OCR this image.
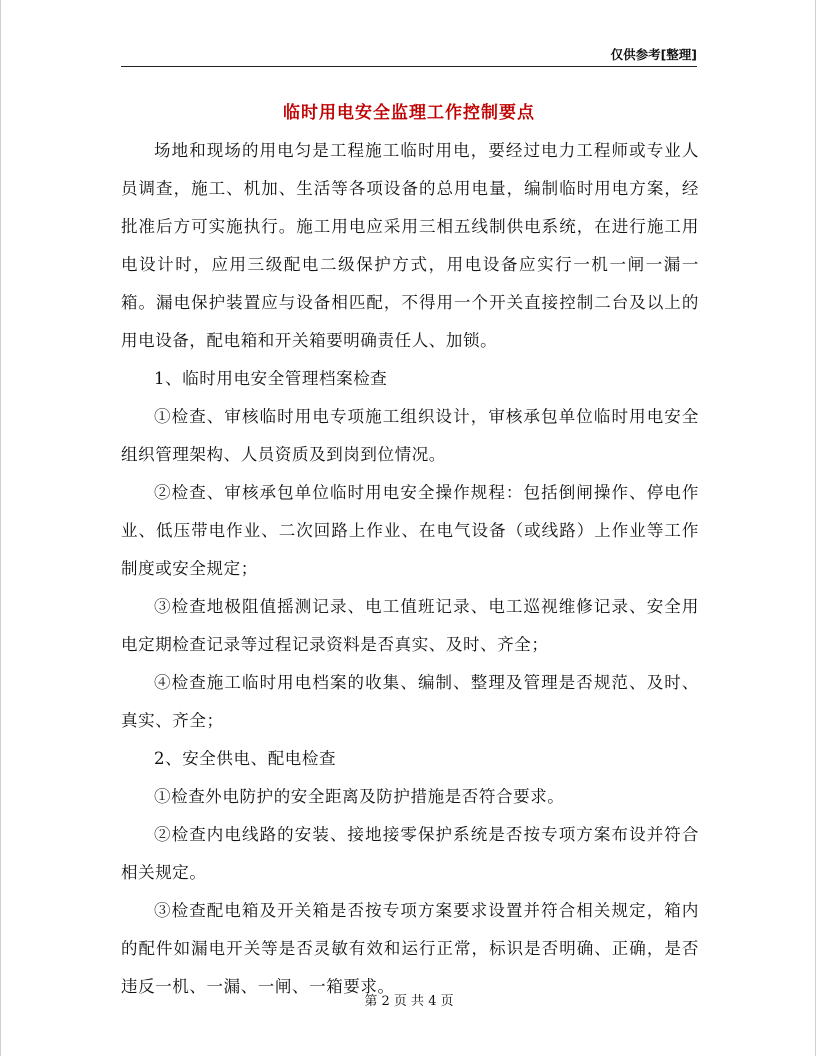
仅供参考[整理]
临时用电安全监理工作控制要点

场地和现场的用电匀是工程施工临时用电，要经过电力工程师或专业人员调查，施工、机加、生活等各项设备的总用电量，编制临时用电方案，经批准后方可实施执行。施工用电应采用三相五线制供电系统，在进行施工用电设计时，应用三级配电二级保护方式，用电设备应实行一机一闸一漏一箱。漏电保护装置应与设备相匹配，不得用一个开关直接控制二台及以上的用电设备，配电箱和开关箱要明确责任人、加锁。

1、临时用电安全管理档案检查

①检查、审核临时用电专项施工组织设计，审核承包单位临时用电安全组织管理架构、人员资质及到岗到位情况。

②检查、审核承包单位临时用电安全操作规程：包括倒闸操作、停电作业、低压带电作业、二次回路上作业、在电气设备（或线路）上作业等工作制度或安全规定；

③检查地极阻值摇测记录、电工值班记录、电工巡视维修记录、安全用电定期检查记录等过程记录资料是否真实、及时、齐全；

④检查施工临时用电档案的收集、编制、整理及管理是否规范、及时、真实、齐全；

2、安全供电、配电检查

①检查外电防护的安全距离及防护措施是否符合要求。

②检查内电线路的安装、接地接零保护系统是否按专项方案布设并符合相关规定。

③检查配电箱及开关箱是否按专项方案要求设置并符合相关规定，箱内的配件如漏电开关等是否灵敏有效和运行正常，标识是否明确、正确，是否违反一机、一漏、一闸、一箱要求。

第 2 页 共 4 页
